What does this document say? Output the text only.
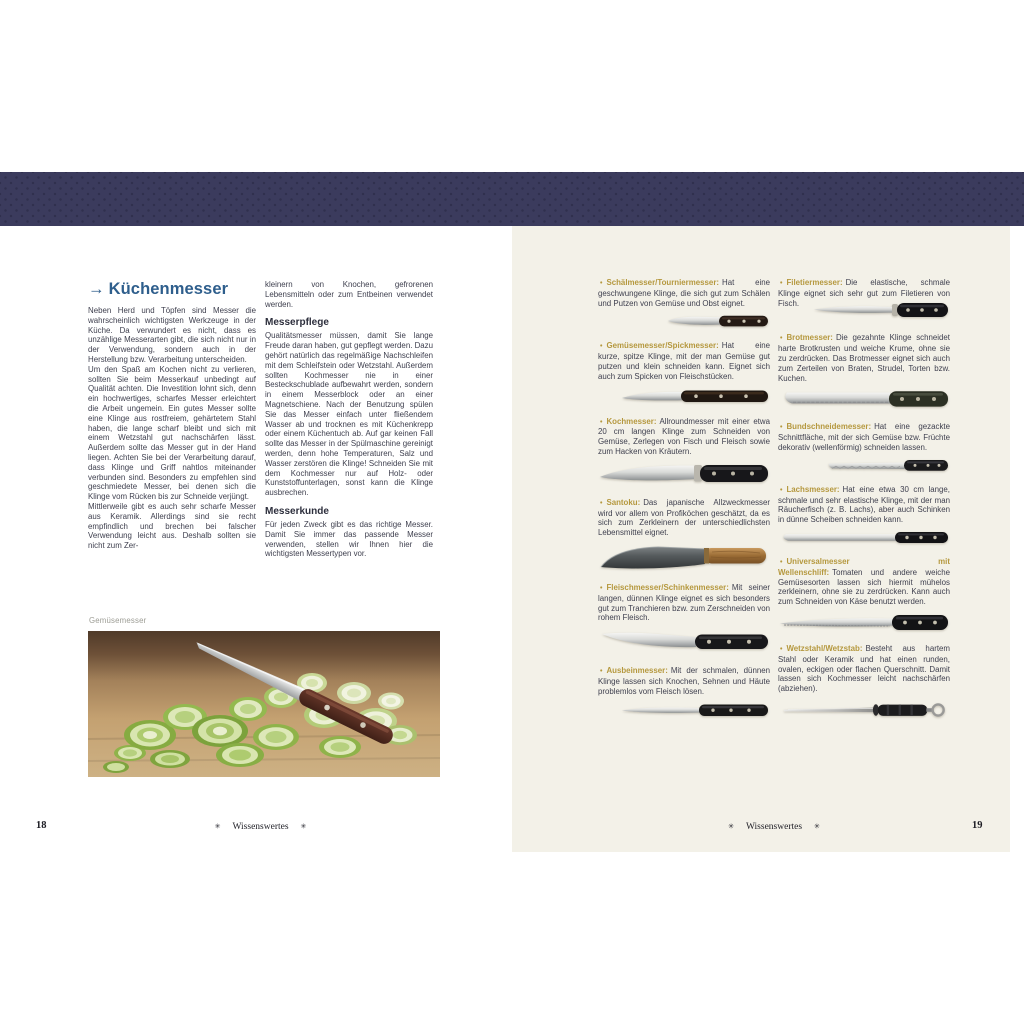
→ Küchenmesser

Neben Herd und Töpfen sind Messer die wahrscheinlich wichtigsten Werkzeuge in der Küche. Da verwundert es nicht, dass es unzählige Messerarten gibt, die sich nicht nur in der Verwendung, sondern auch in der Herstellung bzw. Verarbeitung unterscheiden.

Um den Spaß am Kochen nicht zu verlieren, sollten Sie beim Messerkauf unbedingt auf Qualität achten. Die Investition lohnt sich, denn ein hochwertiges, scharfes Messer erleichtert die Arbeit ungemein. Ein gutes Messer sollte eine Klinge aus rostfreiem, gehärtetem Stahl haben, die lange scharf bleibt und sich mit einem Wetzstahl gut nachschärfen lässt. Außerdem sollte das Messer gut in der Hand liegen. Achten Sie bei der Verarbeitung darauf, dass Klinge und Griff nahtlos miteinander verbunden sind. Besonders zu empfehlen sind geschmiedete Messer, bei denen sich die Klinge vom Rücken bis zur Schneide verjüngt.

Mittlerweile gibt es auch sehr scharfe Messer aus Keramik. Allerdings sind sie recht empfindlich und brechen bei falscher Verwendung leicht aus. Deshalb sollten sie nicht zum Zer-

kleinern von Knochen, gefrorenen Lebensmitteln oder zum Entbeinen verwendet werden.

Messerpflege

Qualitätsmesser müssen, damit Sie lange Freude daran haben, gut gepflegt werden. Dazu gehört natürlich das regelmäßige Nachschleifen mit dem Schleifstein oder Wetzstahl. Außerdem sollten Kochmesser nie in einer Besteckschublade aufbewahrt werden, sondern in einem Messerblock oder an einer Magnetschiene. Nach der Benutzung spülen Sie das Messer einfach unter fließendem Wasser ab und trocknen es mit Küchenkrepp oder einem Küchentuch ab. Auf gar keinen Fall sollte das Messer in der Spülmaschine gereinigt werden, denn hohe Temperaturen, Salz und Wasser zerstören die Klinge! Schneiden Sie mit dem Kochmesser nur auf Holz- oder Kunststoffunterlagen, sonst kann die Klinge ausbrechen.

Messerkunde

Für jeden Zweck gibt es das richtige Messer. Damit Sie immer das passende Messer verwenden, stellen wir Ihnen hier die wichtigsten Messertypen vor.

Gemüsemesser
✳ Wissenswertes ✳
18

• Schälmesser/Tourniermesser: Hat eine geschwungene Klinge, die sich gut zum Schälen und Putzen von Gemüse und Obst eignet.

• Gemüsemesser/Spickmesser: Hat eine kurze, spitze Klinge, mit der man Gemüse gut putzen und klein schneiden kann. Eignet sich auch zum Spicken von Fleischstücken.

• Kochmesser: Allroundmesser mit einer etwa 20 cm langen Klinge zum Schneiden von Gemüse, Zerlegen von Fisch und Fleisch sowie zum Hacken von Kräutern.

• Santoku: Das japanische Allzweckmesser wird vor allem von Profiköchen geschätzt, da es sich zum Zerkleinern der unterschiedlichsten Lebensmittel eignet.

• Fleischmesser/Schinkenmesser: Mit seiner langen, dünnen Klinge eignet es sich besonders gut zum Tranchieren bzw. zum Zerschneiden von rohem Fleisch.

• Ausbeinmesser: Mit der schmalen, dünnen Klinge lassen sich Knochen, Sehnen und Häute problemlos vom Fleisch lösen.

• Filetiermesser: Die elastische, schmale Klinge eignet sich sehr gut zum Filetieren von Fisch.

• Brotmesser: Die gezahnte Klinge schneidet harte Brotkrusten und weiche Krume, ohne sie zu zerdrücken. Das Brotmesser eignet sich auch zum Zerteilen von Braten, Strudel, Torten bzw. Kuchen.

• Bundschneidemesser: Hat eine gezackte Schnittfläche, mit der sich Gemüse bzw. Früchte dekorativ (wellenförmig) schneiden lassen.

• Lachsmesser: Hat eine etwa 30 cm lange, schmale und sehr elastische Klinge, mit der man Räucherfisch (z. B. Lachs), aber auch Schinken in dünne Scheiben schneiden kann.

• Universalmesser mit Wellenschliff: Tomaten und andere weiche Gemüsesorten lassen sich hiermit mühelos zerkleinern, ohne sie zu zerdrücken. Kann auch zum Schneiden von Käse benutzt werden.

• Wetzstahl/Wetzstab: Besteht aus hartem Stahl oder Keramik und hat einen runden, ovalen, eckigen oder flachen Querschnitt. Damit lassen sich Kochmesser leicht nachschärfen (abziehen).

✳ Wissenswertes ✳	19
